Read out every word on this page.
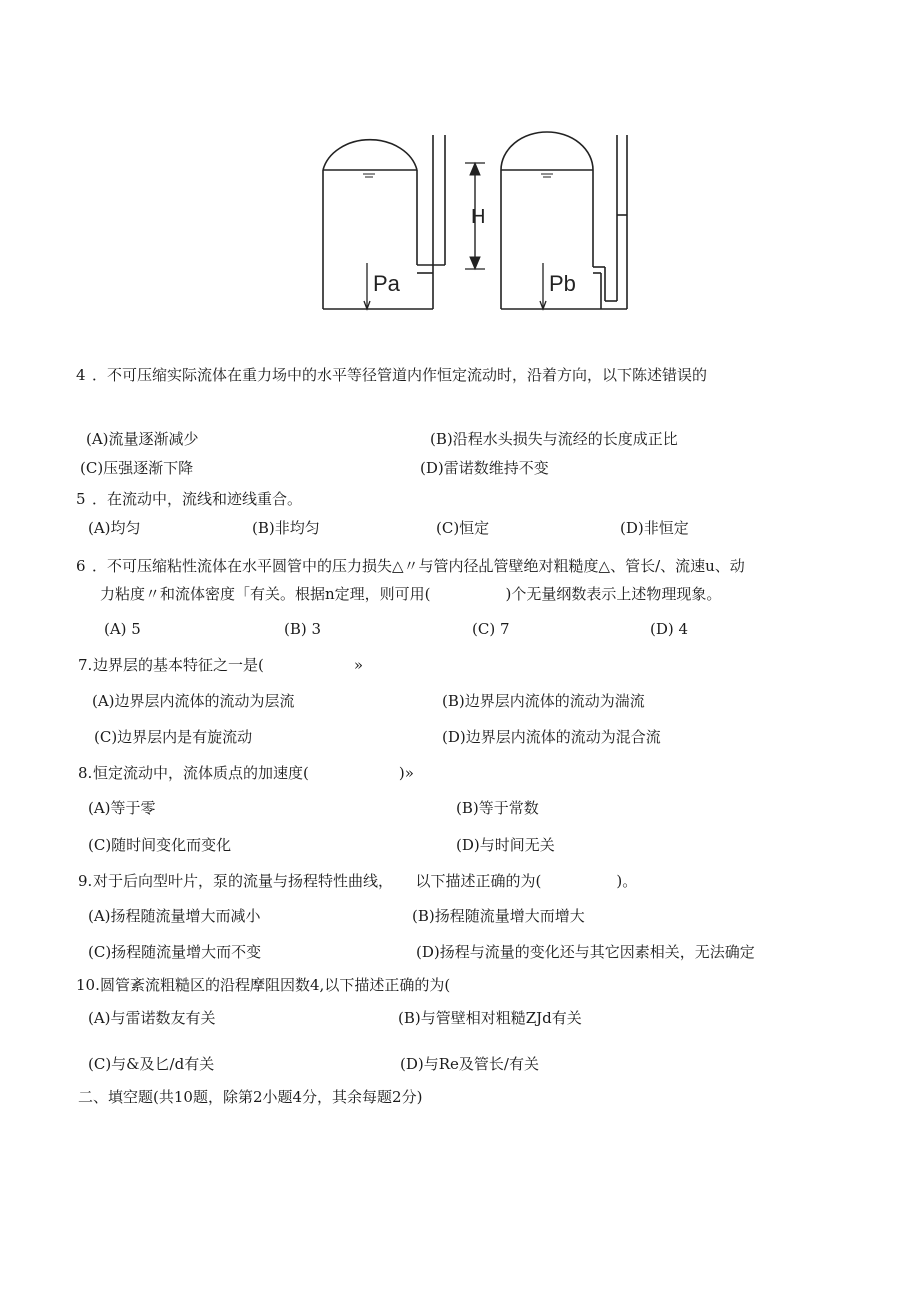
Pa	Pb
H
4 ．不可压缩实际流体在重力场中的水平等径管道内作恒定流动时，沿着方向，以下陈述错误的
(A)流量逐渐减少	(B)沿程水头损失与流经的长度成正比
(C)压强逐渐下降	(D)雷诺数维持不变
5 ．在流动中，流线和迹线重合。
(A)均匀	(B)非均匀	(C)恒定	(D)非恒定
6 ．不可压缩粘性流体在水平圆管中的压力损失△〃与管内径乩管壁绝对粗糙度△、管长/、流速u、动
力粘度〃和流体密度「有关。根据n定理，则可用(　　　　　)个无量纲数表示上述物理现象。
(A) 5	(B) 3	(C) 7	(D) 4
7. 边界层的基本特征之一是(　　　　　　»
(A)边界层内流体的流动为层流	(B)边界层内流体的流动为湍流
(C)边界层内是有旋流动	(D)边界层内流体的流动为混合流
8. 恒定流动中，流体质点的加速度(　　　　　　)»
(A)等于零	(B)等于常数
(C)随时间变化而变化	(D)与时间无关
9. 对于后向型叶片，泵的流量与扬程特性曲线，　　以下描述正确的为(　　　　　)。
(A)扬程随流量增大而减小	(B)扬程随流量增大而增大
(C)扬程随流量增大而不变	(D)扬程与流量的变化还与其它因素相关，无法确定
10. 圆管紊流粗糙区的沿程摩阻因数4,以下描述正确的为(
(A)与雷诺数友有关	(B)与管壁相对粗糙ZJd有关
(C)与&及匕/d有关	(D)与Re及管长/有关
二、填空题(共10题，除第2小题4分，其余每题2分)
